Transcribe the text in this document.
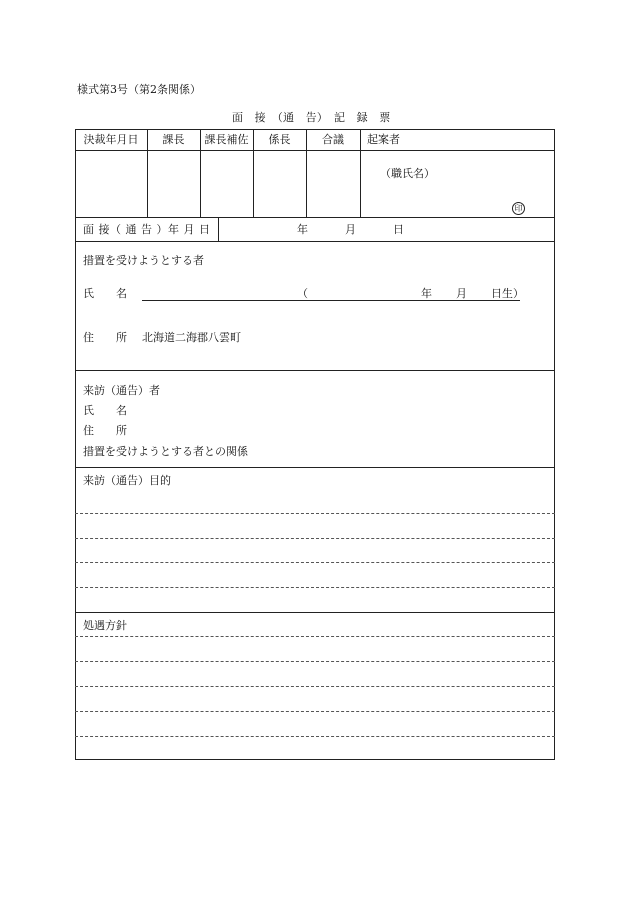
様式第3号（第2条関係）
面　接　（通　告）　記　録　票
決裁年月日	課長	課長補佐	係長	合議	起案者
（職氏名）
印
面 接（ 通 告 ）年 月 日	年	月	日
措置を受けようとする者
氏　　名	（	年 月 日生）
住　　所 北海道二海郡八雲町
来訪（通告）者
氏　　名
住　　所
措置を受けようとする者との関係
来訪（通告）目的
処遇方針
